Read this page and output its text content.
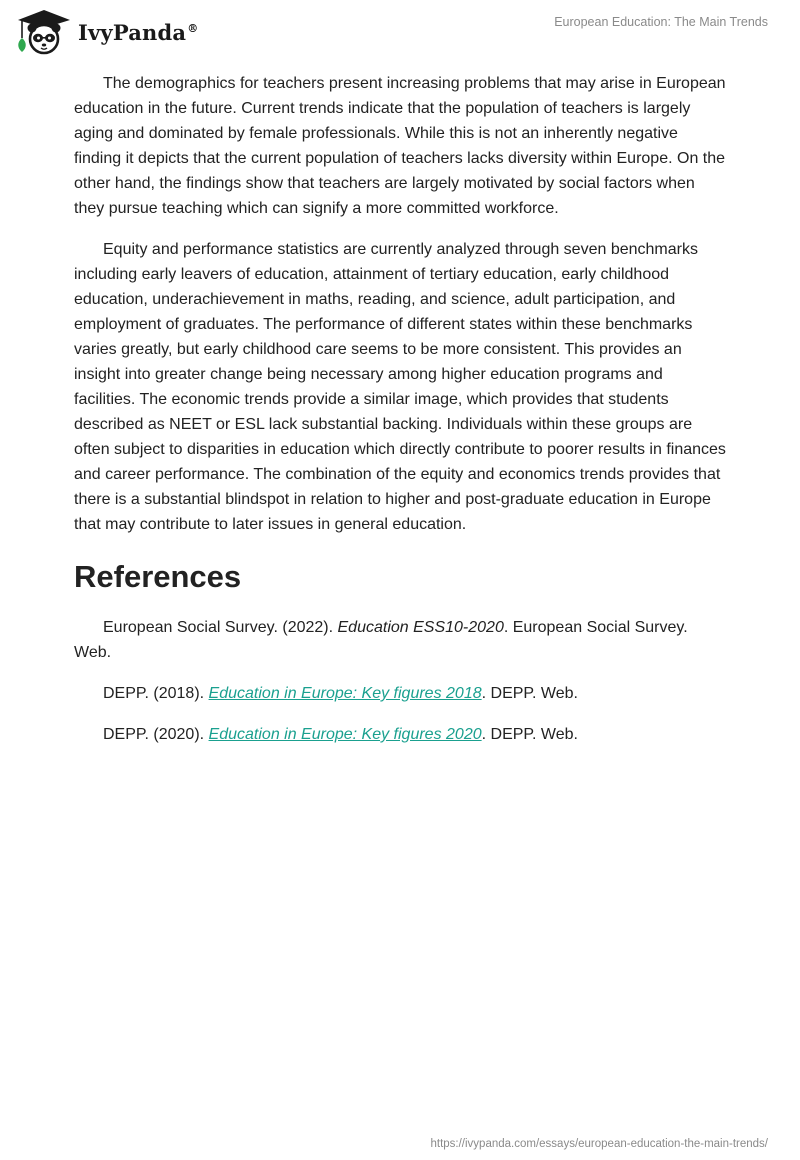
IvyPanda®	European Education: The Main Trends

The demographics for teachers present increasing problems that may arise in European education in the future. Current trends indicate that the population of teachers is largely aging and dominated by female professionals. While this is not an inherently negative finding it depicts that the current population of teachers lacks diversity within Europe. On the other hand, the findings show that teachers are largely motivated by social factors when they pursue teaching which can signify a more committed workforce.

Equity and performance statistics are currently analyzed through seven benchmarks including early leavers of education, attainment of tertiary education, early childhood education, underachievement in maths, reading, and science, adult participation, and employment of graduates. The performance of different states within these benchmarks varies greatly, but early childhood care seems to be more consistent. This provides an insight into greater change being necessary among higher education programs and facilities. The economic trends provide a similar image, which provides that students described as NEET or ESL lack substantial backing. Individuals within these groups are often subject to disparities in education which directly contribute to poorer results in finances and career performance. The combination of the equity and economics trends provides that there is a substantial blindspot in relation to higher and post-graduate education in Europe that may contribute to later issues in general education.

References

European Social Survey. (2022). Education ESS10-2020. European Social Survey. Web.

DEPP. (2018). Education in Europe: Key figures 2018. DEPP. Web.

DEPP. (2020). Education in Europe: Key figures 2020. DEPP. Web.

https://ivypanda.com/essays/european-education-the-main-trends/
